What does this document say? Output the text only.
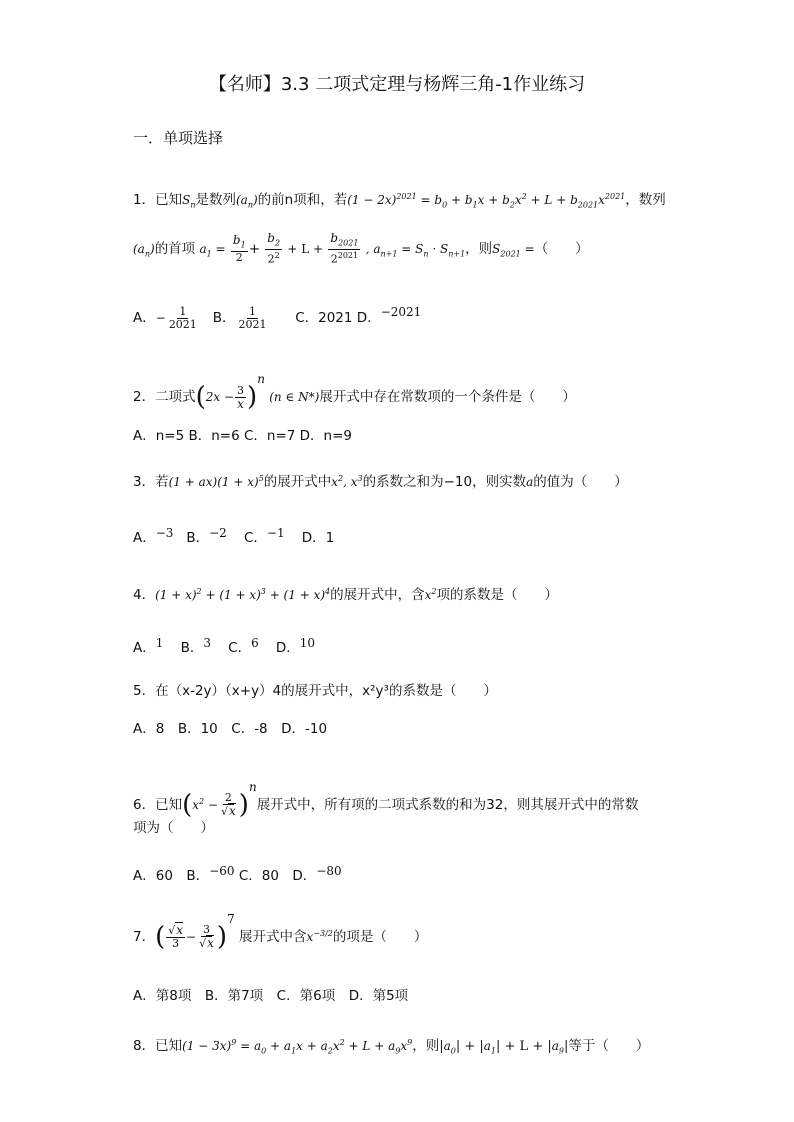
【名师】3.3 二项式定理与杨辉三角-1作业练习
一．单项选择
1．已知$S_n$是数列$(a_n)$的前n项和，若$(1 - 2x)^{2021} = b_0 + b_1x + b_2x^2 + L + b_{2021}x^{2021}$，数列
$(a_n)$的首项 $a_1 = \frac{b_1}{2} + \frac{b_2}{2^2} + L + \frac{b_{2021}}{2^{2021}}$ , $a_{n+1} = S_n \cdot S_{n+1}$，则$S_{2021}$ =（　　）
A．− $\frac{1}{2021}$ B． $\frac{1}{2021}$ C．2021 D．−2021
2．二项式$(2x - \frac{3}{x} )n$ (n ∈ N*)展开式中存在常数项的一个条件是（　　）
A．n=5 B．n=6 C．n=7 D．n=9
3．若$(1 + ax)(1 + x)^5$的展开式中$x^2$, $x^3$的系数之和为−10，则实数a的值为（　　）
A．−3 B．−2 C．−1 D．1
4．$(1 + x)^2 + (1 + x)^3 + (1 + x)^4$的展开式中，含$x^2$项的系数是（　　）
A．1 B．3 C．6 D．10
5．在（x-2y）（x+y）4的展开式中，x²y³的系数是（　　）
A．8　B．10　C．-8　D．-10
6．已知$(x^2 - \frac{2}{√x} )n$展开式中，所有项的二项式系数的和为32，则其展开式中的常数
项为（　　）
A．60　B．−60 C．80　D．−80
7．( $\frac{√x}{3} - \frac{3}{√x} )7$ 展开式中含$x^{-3/2}$的项是（　　）
A．第8项　B．第7项　C．第6项　D．第5项
8．已知$(1 - 3x)^9 = a_0 + a_1x + a_2x^2 + L + a_9x^9$，则$|a_0| + |a_1| + L + |a_9|$等于（　　）
